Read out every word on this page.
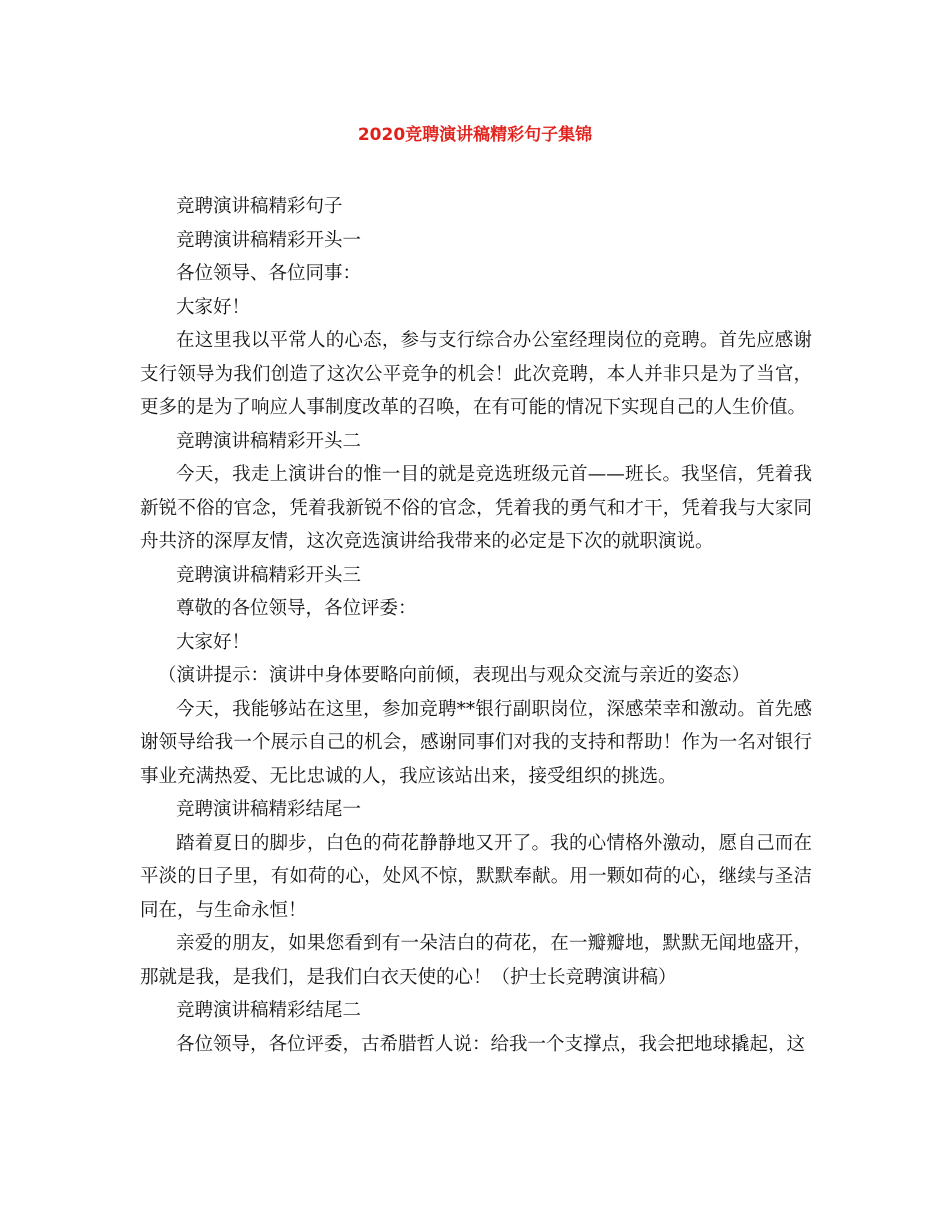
2020竞聘演讲稿精彩句子集锦

竞聘演讲稿精彩句子

竞聘演讲稿精彩开头一

各位领导、各位同事：

大家好！

在这里我以平常人的心态，参与支行综合办公室经理岗位的竞聘。首先应感谢支行领导为我们创造了这次公平竞争的机会！此次竞聘，本人并非只是为了当官，更多的是为了响应人事制度改革的召唤，在有可能的情况下实现自己的人生价值。

竞聘演讲稿精彩开头二

今天，我走上演讲台的惟一目的就是竞选班级元首——班长。我坚信，凭着我新锐不俗的官念，凭着我新锐不俗的官念，凭着我的勇气和才干，凭着我与大家同舟共济的深厚友情，这次竞选演讲给我带来的必定是下次的就职演说。

竞聘演讲稿精彩开头三

尊敬的各位领导，各位评委：

大家好！

（演讲提示：演讲中身体要略向前倾，表现出与观众交流与亲近的姿态）

今天，我能够站在这里，参加竞聘**银行副职岗位，深感荣幸和激动。首先感谢领导给我一个展示自己的机会，感谢同事们对我的支持和帮助！作为一名对银行事业充满热爱、无比忠诚的人，我应该站出来，接受组织的挑选。

竞聘演讲稿精彩结尾一

踏着夏日的脚步，白色的荷花静静地又开了。我的心情格外激动，愿自己而在平淡的日子里，有如荷的心，处风不惊，默默奉献。用一颗如荷的心，继续与圣洁同在，与生命永恒！

亲爱的朋友，如果您看到有一朵洁白的荷花，在一瓣瓣地，默默无闻地盛开，那就是我，是我们，是我们白衣天使的心！（护士长竞聘演讲稿）

竞聘演讲稿精彩结尾二

各位领导，各位评委，古希腊哲人说：给我一个支撑点，我会把地球撬起，这
